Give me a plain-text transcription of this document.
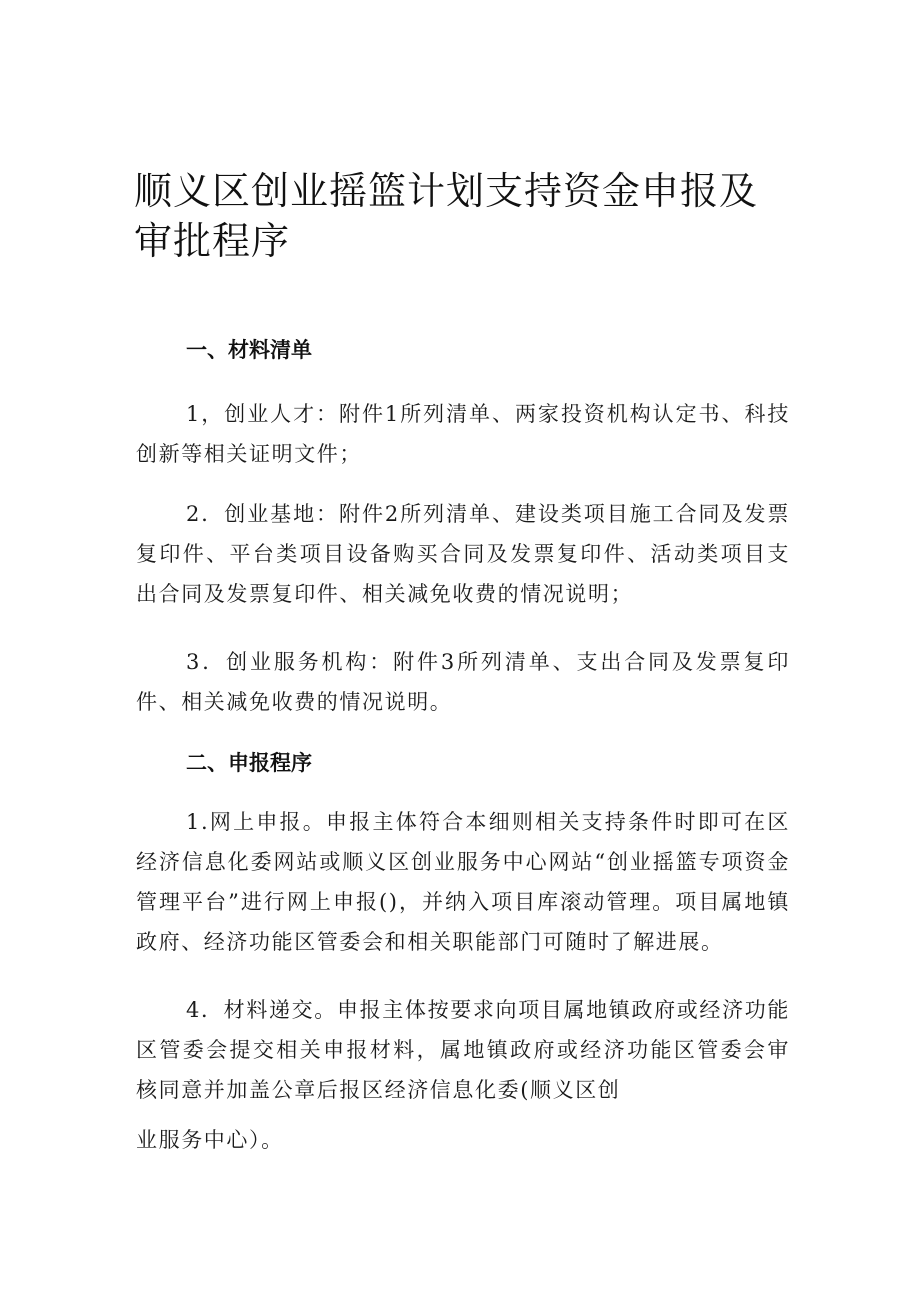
顺义区创业摇篮计划支持资金申报及审批程序
一、材料清单

1，创业人才：附件1所列清单、两家投资机构认定书、科技创新等相关证明文件；

2．创业基地：附件2所列清单、建设类项目施工合同及发票复印件、平台类项目设备购买合同及发票复印件、活动类项目支出合同及发票复印件、相关减免收费的情况说明；

3．创业服务机构：附件3所列清单、支出合同及发票复印件、相关减免收费的情况说明。

二、申报程序

1.网上申报。申报主体符合本细则相关支持条件时即可在区经济信息化委网站或顺义区创业服务中心网站“创业摇篮专项资金管理平台”进行网上申报()，并纳入项目库滚动管理。项目属地镇政府、经济功能区管委会和相关职能部门可随时了解进展。

4．材料递交。申报主体按要求向项目属地镇政府或经济功能区管委会提交相关申报材料，属地镇政府或经济功能区管委会审核同意并加盖公章后报区经济信息化委(顺义区创

业服务中心）。
